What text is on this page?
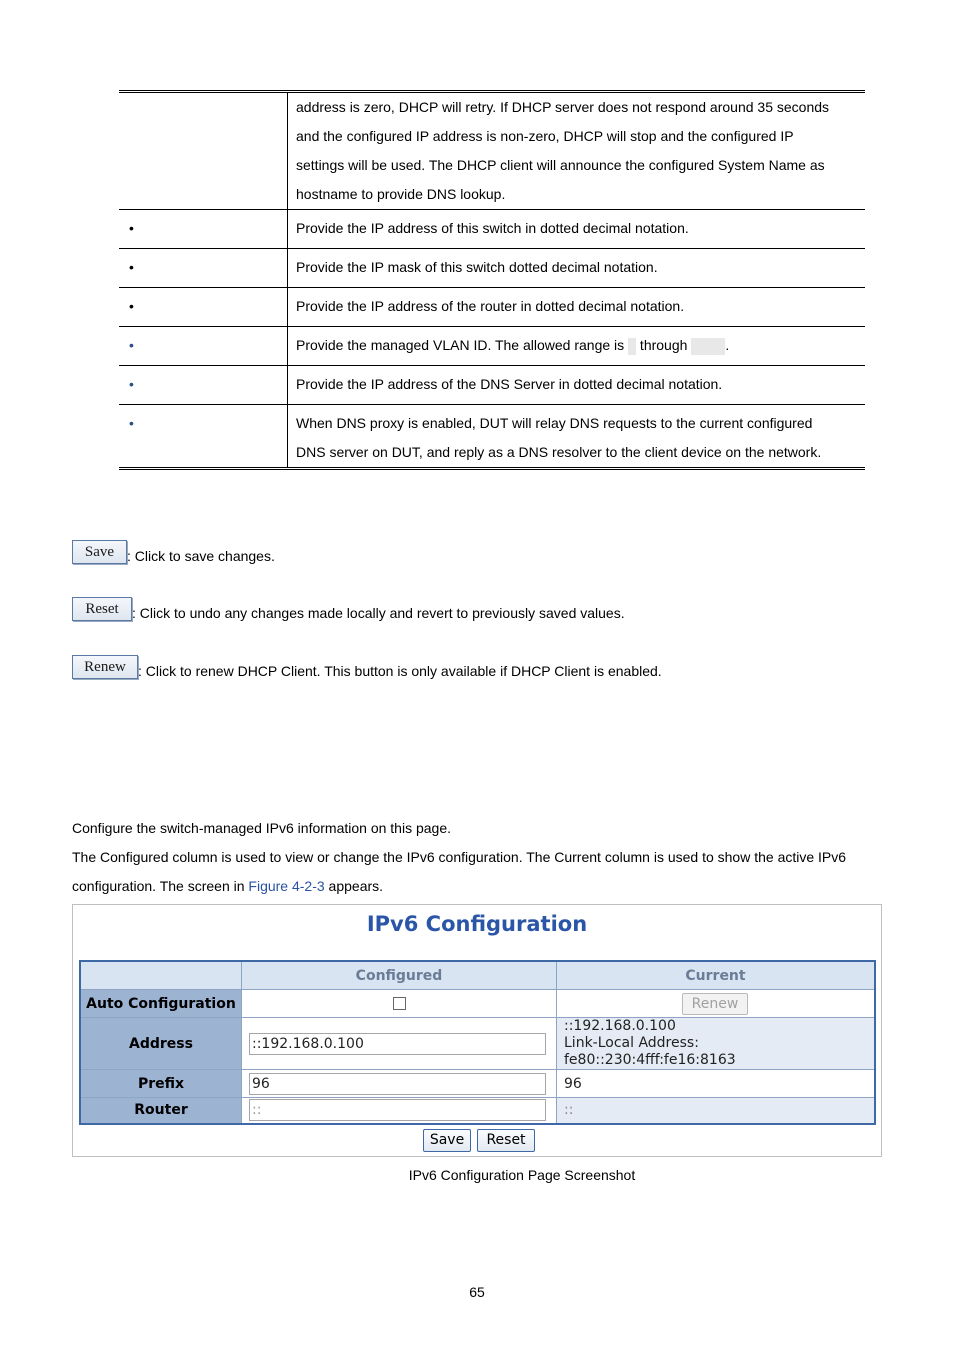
	address is zero, DHCP will retry. If DHCP server does not respond around 35 seconds
and the configured IP address is non-zero, DHCP will stop and the configured IP
settings will be used. The DHCP client will announce the configured System Name as
hostname to provide DNS lookup.

•	Provide the IP address of this switch in dotted decimal notation.

•	Provide the IP mask of this switch dotted decimal notation.

•	Provide the IP address of the router in dotted decimal notation.

•	Provide the managed VLAN ID. The allowed range is  through .

•	Provide the IP address of the DNS Server in dotted decimal notation.

•	When DNS proxy is enabled, DUT will relay DNS requests to the current configured
DNS server on DUT, and reply as a DNS resolver to the client device on the network.
Save : Click to save changes.
Reset : Click to undo any changes made locally and revert to previously saved values.
Renew : Click to renew DHCP Client. This button is only available if DHCP Client is enabled.
Configure the switch-managed IPv6 information on this page.
The Configured column is used to view or change the IPv6 configuration. The Current column is used to show the active IPv6
configuration. The screen in Figure 4-2-3 appears.
IPv6 Configuration
	Configured	Current
Auto Configuration		Renew

Address	::192.168.0.100	::192.168.0.100
Link-Local Address: fe80::230:4fff:fe16:8163

Prefix	96	96
Router	::	::
Save	Reset
IPv6 Configuration Page Screenshot
65
